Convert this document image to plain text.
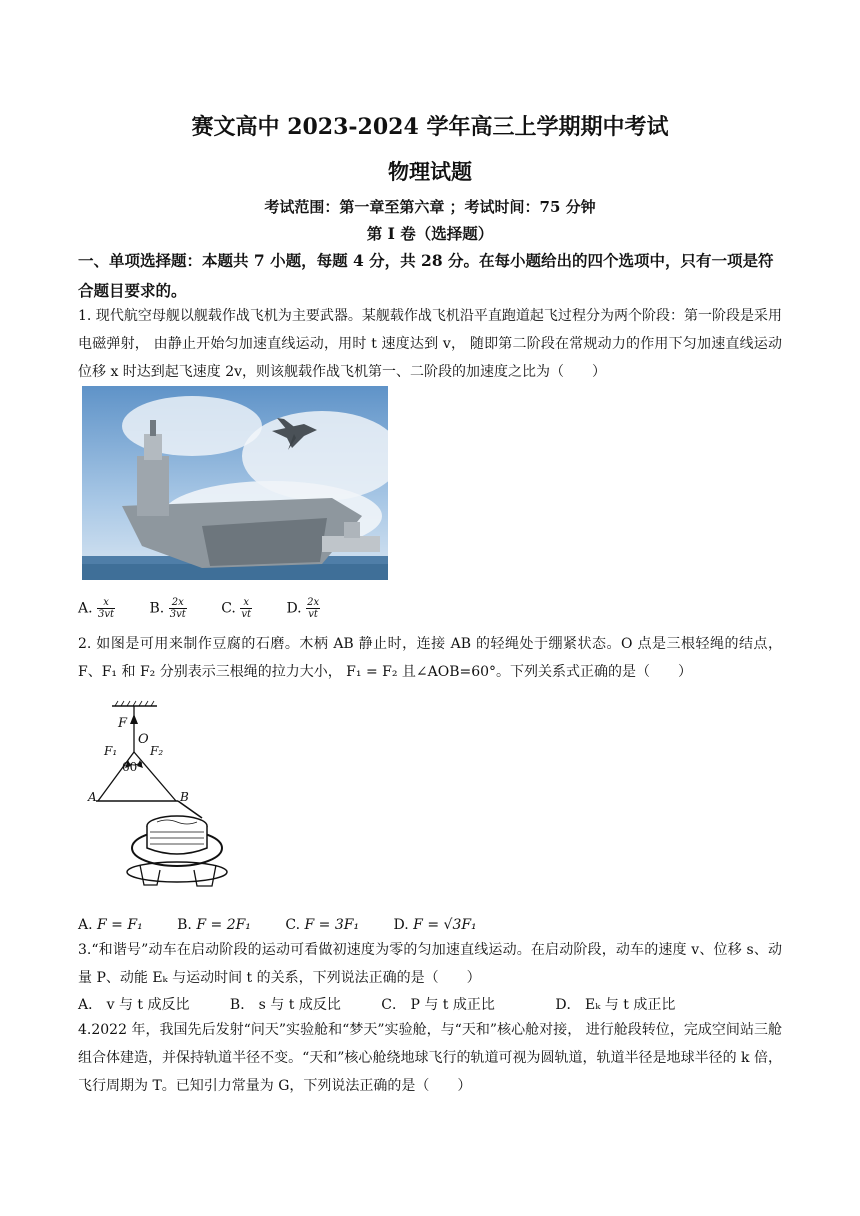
赛文高中 2023-2024 学年高三上学期期中考试
物理试题
考试范围：第一章至第六章 ；考试时间：75 分钟
第 I 卷（选择题）
一、单项选择题：本题共 7 小题，每题 4 分，共 28 分。在每小题给出的四个选项中，只有一项是符合题目要求的。
1. 现代航空母舰以舰载作战飞机为主要武器。某舰载作战飞机沿平直跑道起飞过程分为两个阶段：第一阶段是采用电磁弹射， 由静止开始匀加速直线运动，用时 t 速度达到 v， 随即第二阶段在常规动力的作用下匀加速直线运动位移 x 时达到起飞速度 2v，则该舰载作战飞机第一、二阶段的加速度之比为（　　）
A. $\frac{x}{3vt} B$. $\frac{2x}{3vt} C$. $\frac{x}{vt} D$. $\frac{2x}{vt}$
2. 如图是可用来制作豆腐的石磨。木柄 AB 静止时，连接 AB 的轻绳处于绷紧状态。O 点是三根轻绳的结点， F、F₁ 和 F₂ 分别表示三根绳的拉力大小， F₁ = F₂ 且∠AOB=60°。下列关系式正确的是（　　）
F
O
F₁	F₂
60°
A	B
A. F = F₁ B. F = 2F₁ C. F = 3F₁ D. F = √3F₁
3.“和谐号”动车在启动阶段的运动可看做初速度为零的匀加速直线运动。在启动阶段，动车的速度 v、位移 s、动量 P、动能 Eₖ 与运动时间 t 的关系，下列说法正确的是（　　）
A． v 与 t 成反比	B． s 与 t 成反比	C． P 与 t 成正比	D． Eₖ 与 t 成正比
4.2022 年，我国先后发射“问天”实验舱和“梦天”实验舱，与“天和”核心舱对接， 进行舱段转位，完成空间站三舱组合体建造，并保持轨道半径不变。“天和”核心舱绕地球飞行的轨道可视为圆轨道，轨道半径是地球半径的 k 倍，飞行周期为 T。已知引力常量为 G，下列说法正确的是（　　）
